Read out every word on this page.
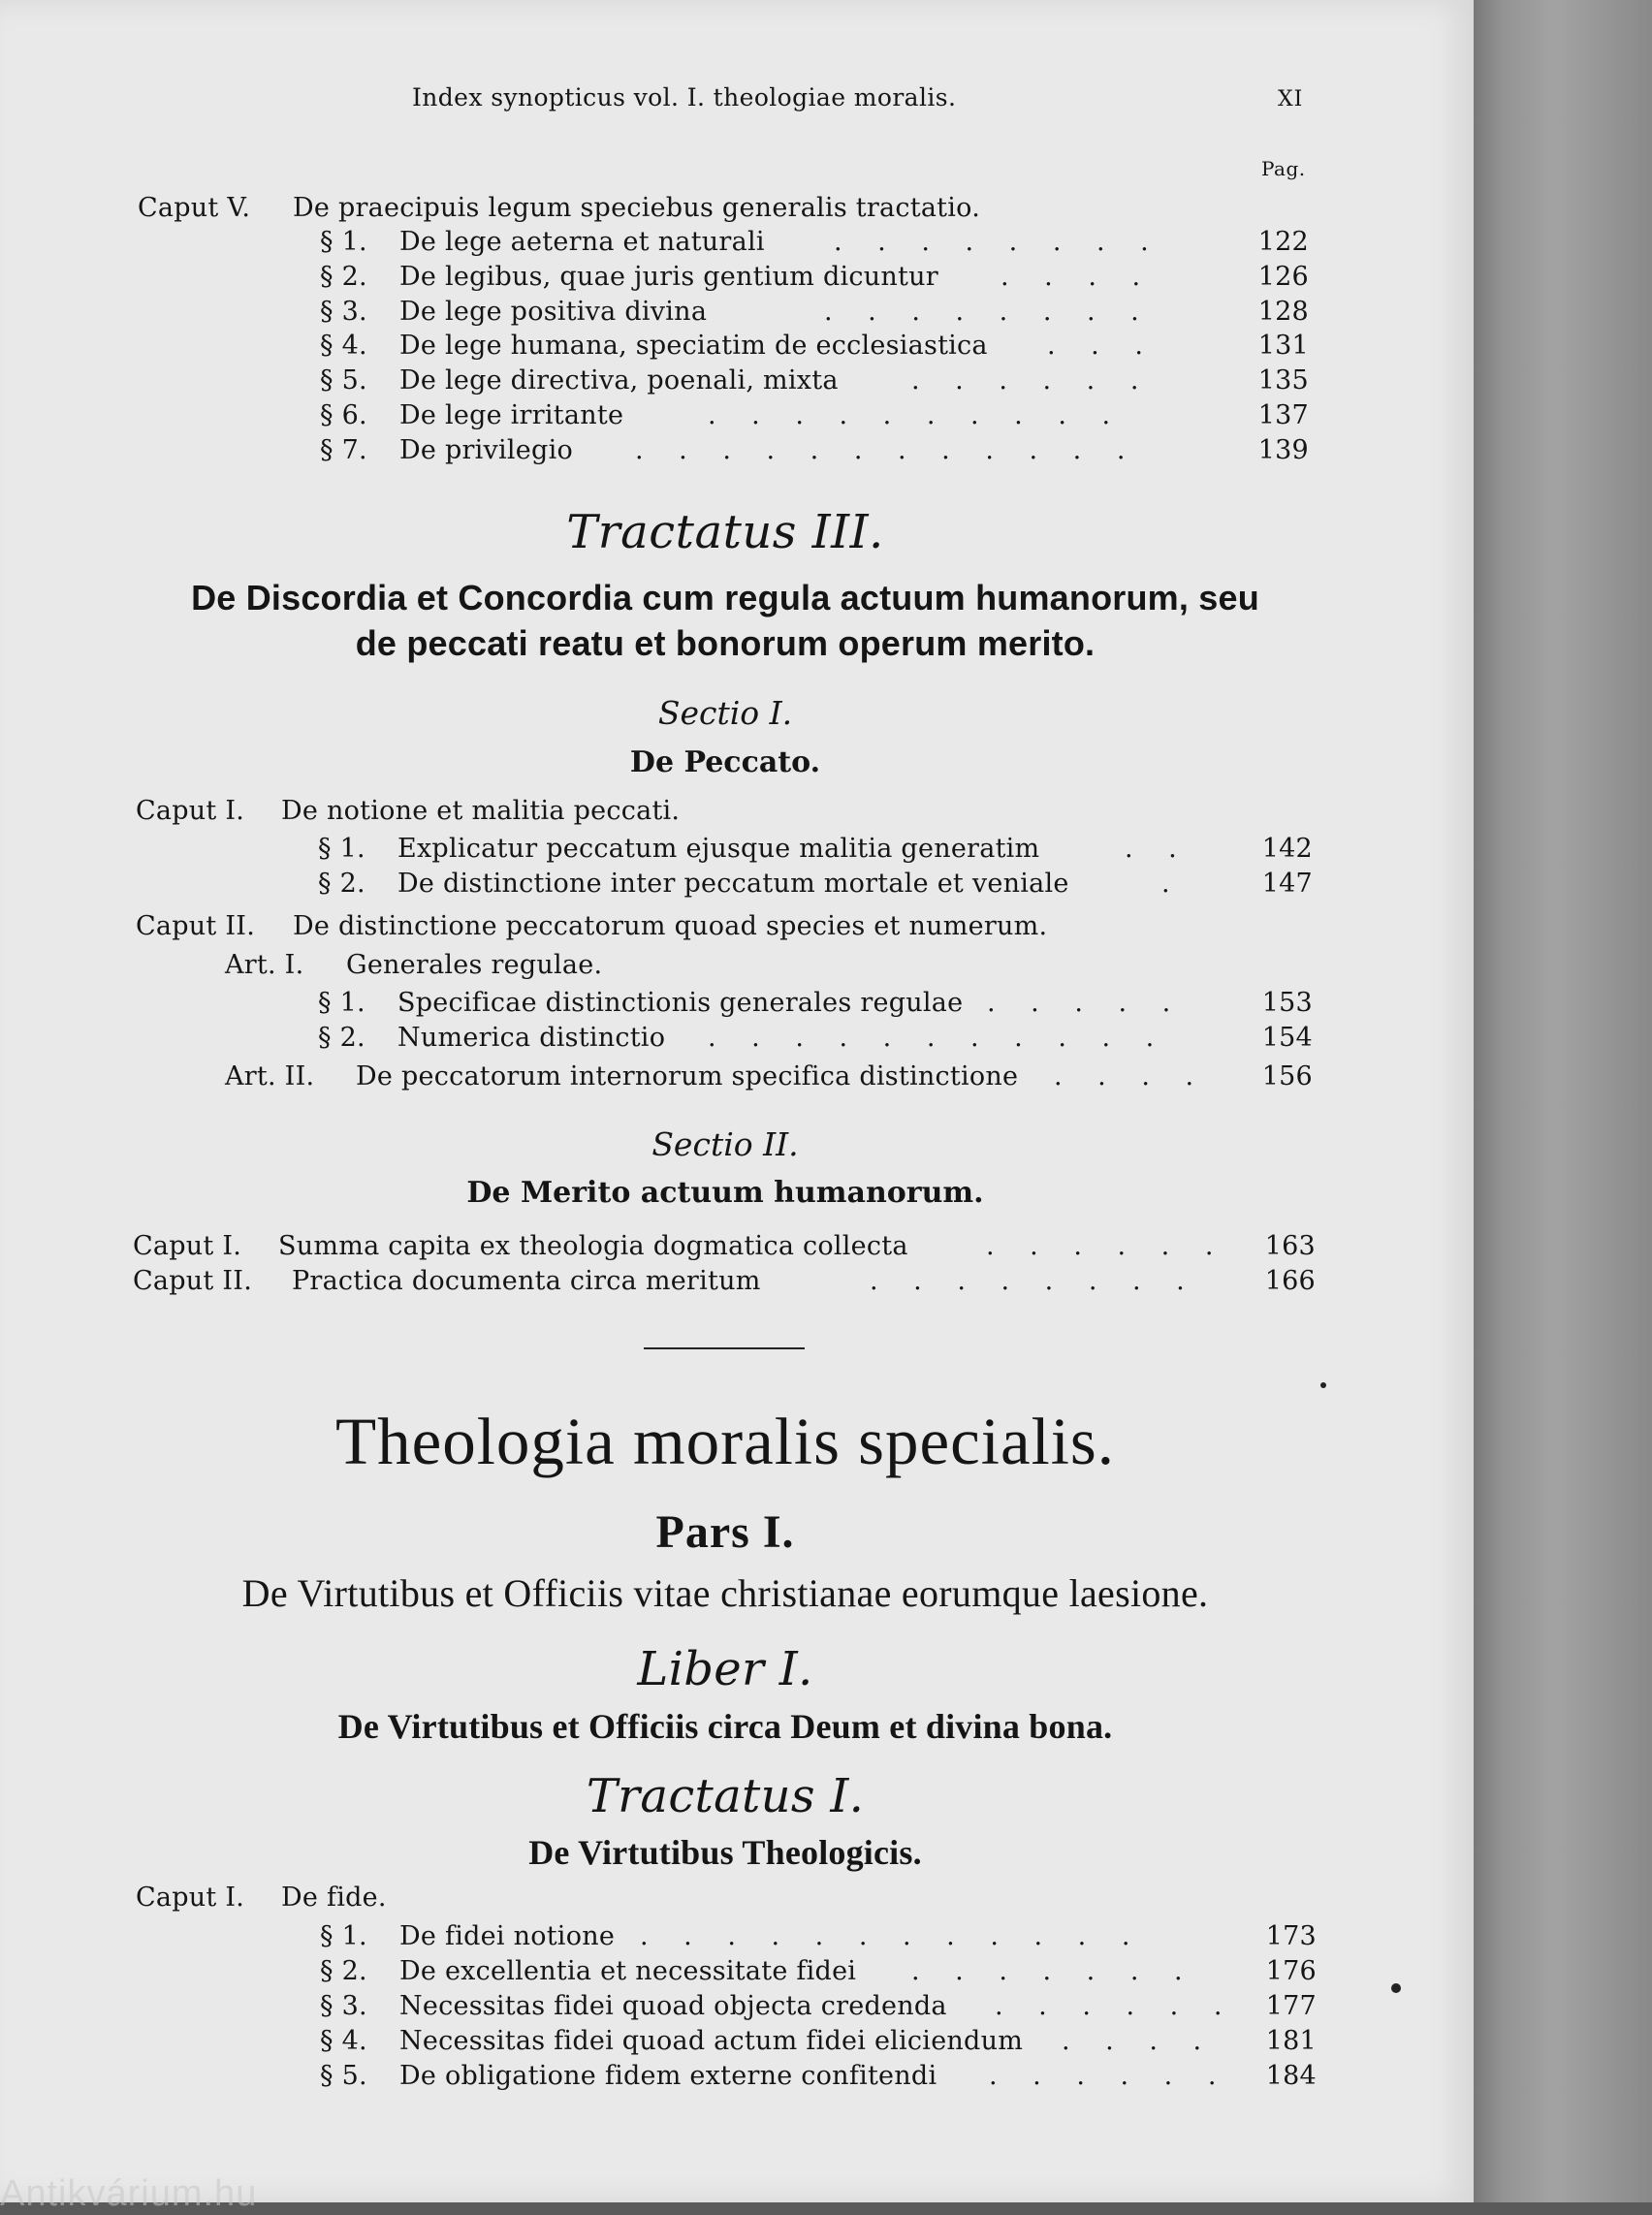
Index synopticus vol. I. theologiae moralis.	XI
Pag.
Caput V. De praecipuis legum speciebus generalis tractatio.
§ 1. De lege aeterna et naturali	. . . . . . . .	122
§ 2. De legibus, quae juris gentium dicuntur . . . .	126
§ 3. De lege positiva divina	. . . . . . . .	128
§ 4. De lege humana, speciatim de ecclesiastica . . .	131
§ 5. De lege directiva, poenali, mixta	. . . . . .	135
§ 6. De lege irritante	. . . . . . . . . .	137
§ 7. De privilegio . . . . . . . . . . . .	139
Tractatus III.
De Discordia et Concordia cum regula actuum humanorum, seu
de peccati reatu et bonorum operum merito.
Sectio I.
De Peccato.
Caput I. De notione et malitia peccati.
§ 1. Explicatur peccatum ejusque malitia generatim	. .	142
§ 2. De distinctione inter peccatum mortale et veniale	.	147
Caput II. De distinctione peccatorum quoad species et numerum.
Art. I. Generales regulae.
§ 1. Specificae distinctionis generales regulae . . . . .	153
§ 2. Numerica distinctio . . . . . . . . . . .	154
Art. II. De peccatorum internorum specifica distinctione . . . .	156
Sectio II.
De Merito actuum humanorum.
Caput I. Summa capita ex theologia dogmatica collecta	. . . . . .	163
Caput II. Practica documenta circa meritum	. . . . . . . .	166
Theologia moralis specialis.
Pars I.
De Virtutibus et Officiis vitae christianae eorumque laesione.
Liber I.
De Virtutibus et Officiis circa Deum et divina bona.
Tractatus I.
De Virtutibus Theologicis.
Caput I. De fide.
§ 1. De fidei notione . . . . . . . . . . . .	173
§ 2. De excellentia et necessitate fidei . . . . . . .	176
§ 3. Necessitas fidei quoad objecta credenda . . . . . .	177
§ 4. Necessitas fidei quoad actum fidei eliciendum . . . .	181
§ 5. De obligatione fidem externe confitendi . . . . . .	184
Antikvárium.hu
